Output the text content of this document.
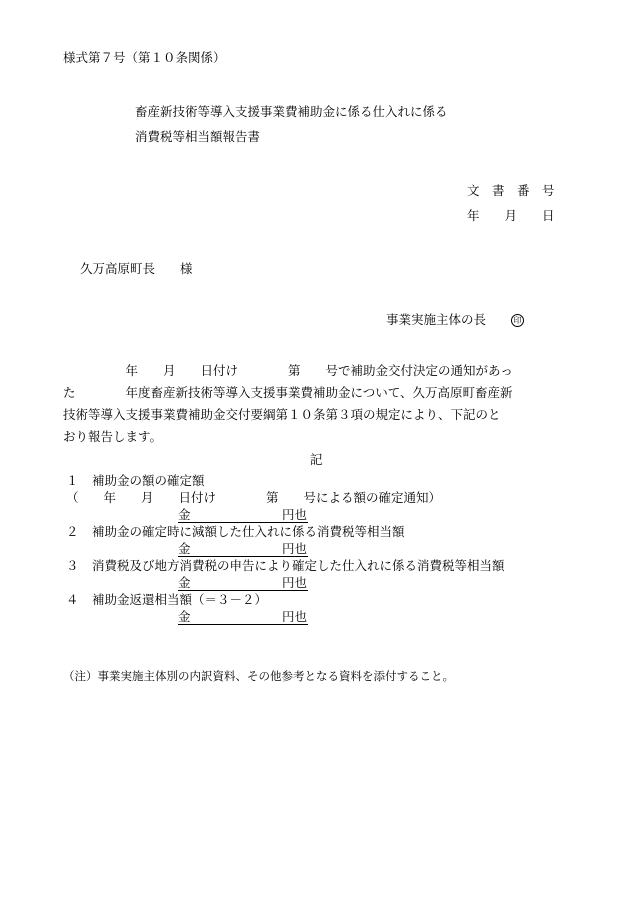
様式第７号（第１０条関係）
畜産新技術等導入支援事業費補助金に係る仕入れに係る
消費税等相当額報告書
文　書　番　号
年　　月　　日
久万高原町長　　様
事業実施主体の長　　	印
　　　　　年　　月　　日付け　　　　第　　号で補助金交付決定の通知があっ
た　　　　年度畜産新技術等導入支援事業費補助金について、久万高原町畜産新
技術等導入支援事業費補助金交付要綱第１０条第３項の規定により、下記のと
おり報告します。
記
１ 補助金の額の確定額
（　　年　　月　　日付け　　　　第　　号による額の確定通知）
金	円也
２ 補助金の確定時に減額した仕入れに係る消費税等相当額
金	円也
３ 消費税及び地方消費税の申告により確定した仕入れに係る消費税等相当額
金	円也
４ 補助金返還相当額（＝３－２）
金	円也
（注）事業実施主体別の内訳資料、その他参考となる資料を添付すること。
